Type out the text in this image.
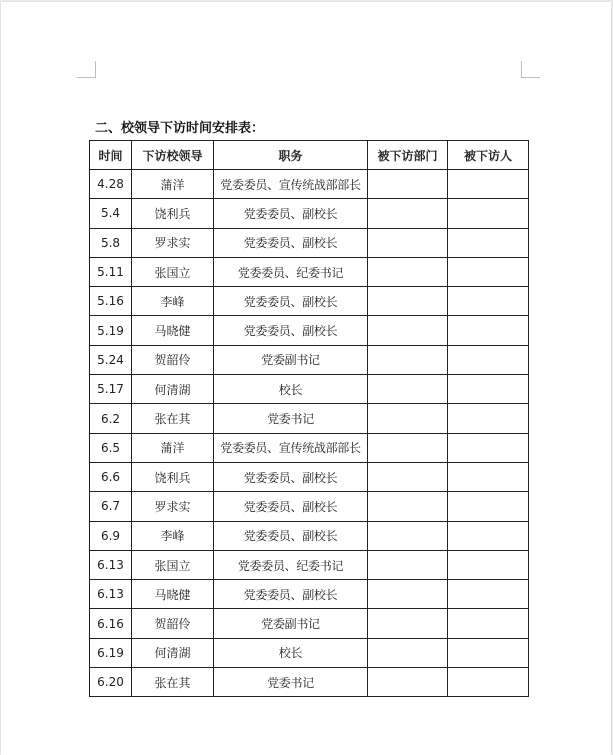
二、校领导下访时间安排表：
时间	下访校领导	职务	被下访部门	被下访人
4.28	蒲洋	党委委员、宣传统战部部长		
5.4	饶利兵	党委委员、副校长		
5.8	罗求实	党委委员、副校长		
5.11	张国立	党委委员、纪委书记		
5.16	李峰	党委委员、副校长		
5.19	马晓健	党委委员、副校长		
5.24	贺韶伶	党委副书记		
5.17	何清湖	校长		
6.2	张在其	党委书记		
6.5	蒲洋	党委委员、宣传统战部部长		
6.6	饶利兵	党委委员、副校长		
6.7	罗求实	党委委员、副校长		
6.9	李峰	党委委员、副校长		
6.13	张国立	党委委员、纪委书记		
6.13	马晓健	党委委员、副校长		
6.16	贺韶伶	党委副书记		
6.19	何清湖	校长		
6.20	张在其	党委书记		
